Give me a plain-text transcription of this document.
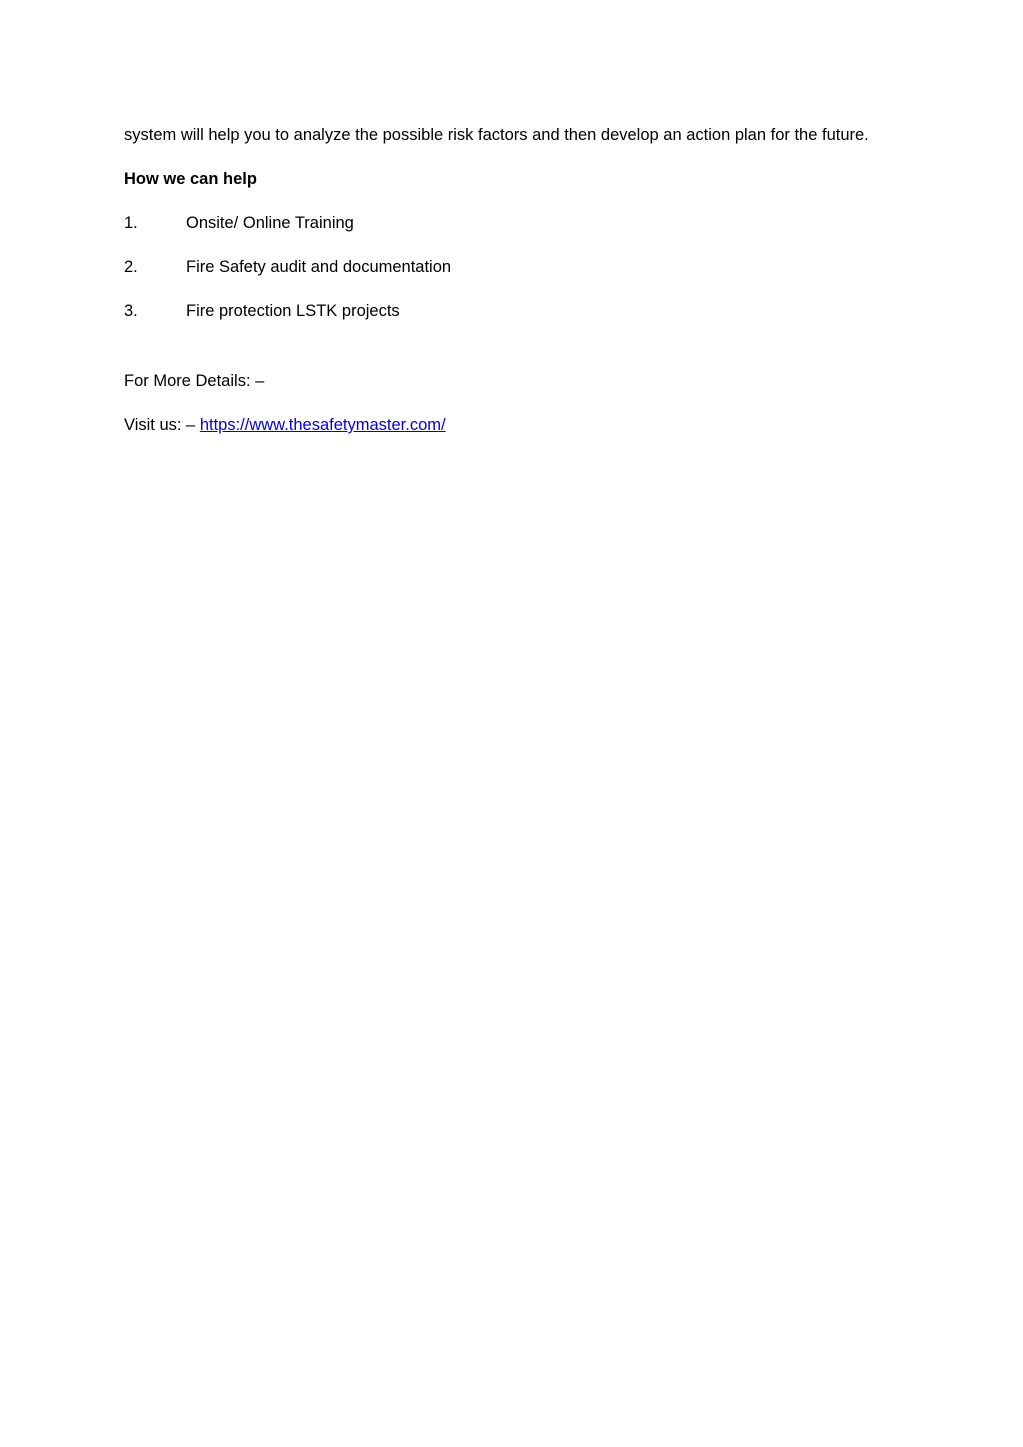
system will help you to analyze the possible risk factors and then develop an action plan for the future.

How we can help

1.	Onsite/ Online Training
2.	Fire Safety audit and documentation
3.	Fire protection LSTK projects

For More Details: –

Visit us: – https://www.thesafetymaster.com/
